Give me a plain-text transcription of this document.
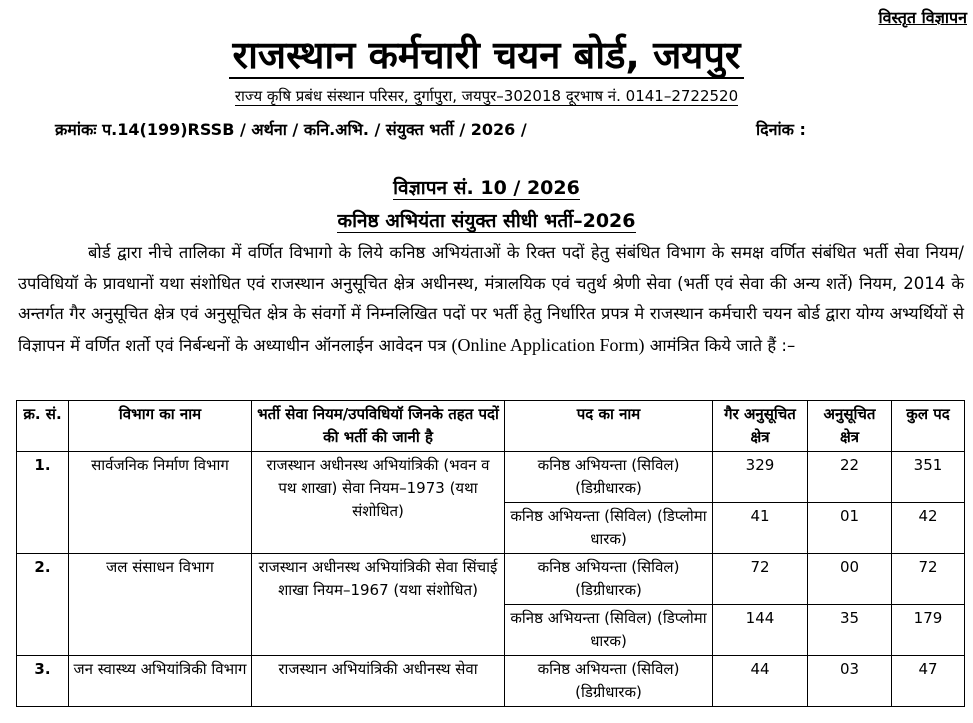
विस्तृत विज्ञापन
राजस्थान कर्मचारी चयन बोर्ड, जयपुर
राज्य कृषि प्रबंध संस्थान परिसर, दुर्गापुरा, जयपुर–302018 दूरभाष नं. 0141–2722520
क्रमांकः प.14(199)RSSB / अर्थना / कनि.अभि. / संयुक्त भर्ती / 2026 /	दिनांक :
विज्ञापन सं. 10 / 2026
कनिष्ठ अभियंता संयुक्त सीधी भर्ती–2026
बोर्ड द्वारा नीचे तालिका में वर्णित विभागो के लिये कनिष्ठ अभियंताओं के रिक्त पदों हेतु संबंधित विभाग के समक्ष वर्णित संबंधित भर्ती सेवा नियम/उपविधियॉ के प्रावधानों यथा संशोधित एवं राजस्थान अनुसूचित क्षेत्र अधीनस्थ, मंत्रालयिक एवं चतुर्थ श्रेणी सेवा (भर्ती एवं सेवा की अन्य शर्ते) नियम, 2014 के अन्तर्गत गैर अनुसूचित क्षेत्र एवं अनुसूचित क्षेत्र के संवर्गो में निम्नलिखित पदों पर भर्ती हेतु निर्धारित प्रपत्र मे राजस्थान कर्मचारी चयन बोर्ड द्वारा योग्य अभ्यर्थियों से विज्ञापन में वर्णित शर्तो एवं निर्बन्धनों के अध्याधीन ऑनलाईन आवेदन पत्र (Online Application Form) आमंत्रित किये जाते हैं :–
क्र. सं.	विभाग का नाम	भर्ती सेवा नियम/उपविधियॉ जिनके तहत पदों की भर्ती की जानी है	पद का नाम	गैर अनुसूचित क्षेत्र	अनुसूचित क्षेत्र	कुल पद
1.	सार्वजनिक निर्माण विभाग	राजस्थान अधीनस्थ अभियांत्रिकी (भवन व पथ शाखा) सेवा नियम–1973 (यथा संशोधित)	कनिष्ठ अभियन्ता (सिविल) (डिग्रीधारक)	329	22	351
			कनिष्ठ अभियन्ता (सिविल) (डिप्लोमा धारक)	41	01	42
2.	जल संसाधन विभाग	राजस्थान अधीनस्थ अभियांत्रिकी सेवा सिंचाई शाखा नियम–1967 (यथा संशोधित)	कनिष्ठ अभियन्ता (सिविल) (डिग्रीधारक)	72	00	72
			कनिष्ठ अभियन्ता (सिविल) (डिप्लोमा धारक)	144	35	179
3.	जन स्वास्थ्य अभियांत्रिकी विभाग	राजस्थान अभियांत्रिकी अधीनस्थ सेवा	कनिष्ठ अभियन्ता (सिविल) (डिग्रीधारक)	44	03	47
